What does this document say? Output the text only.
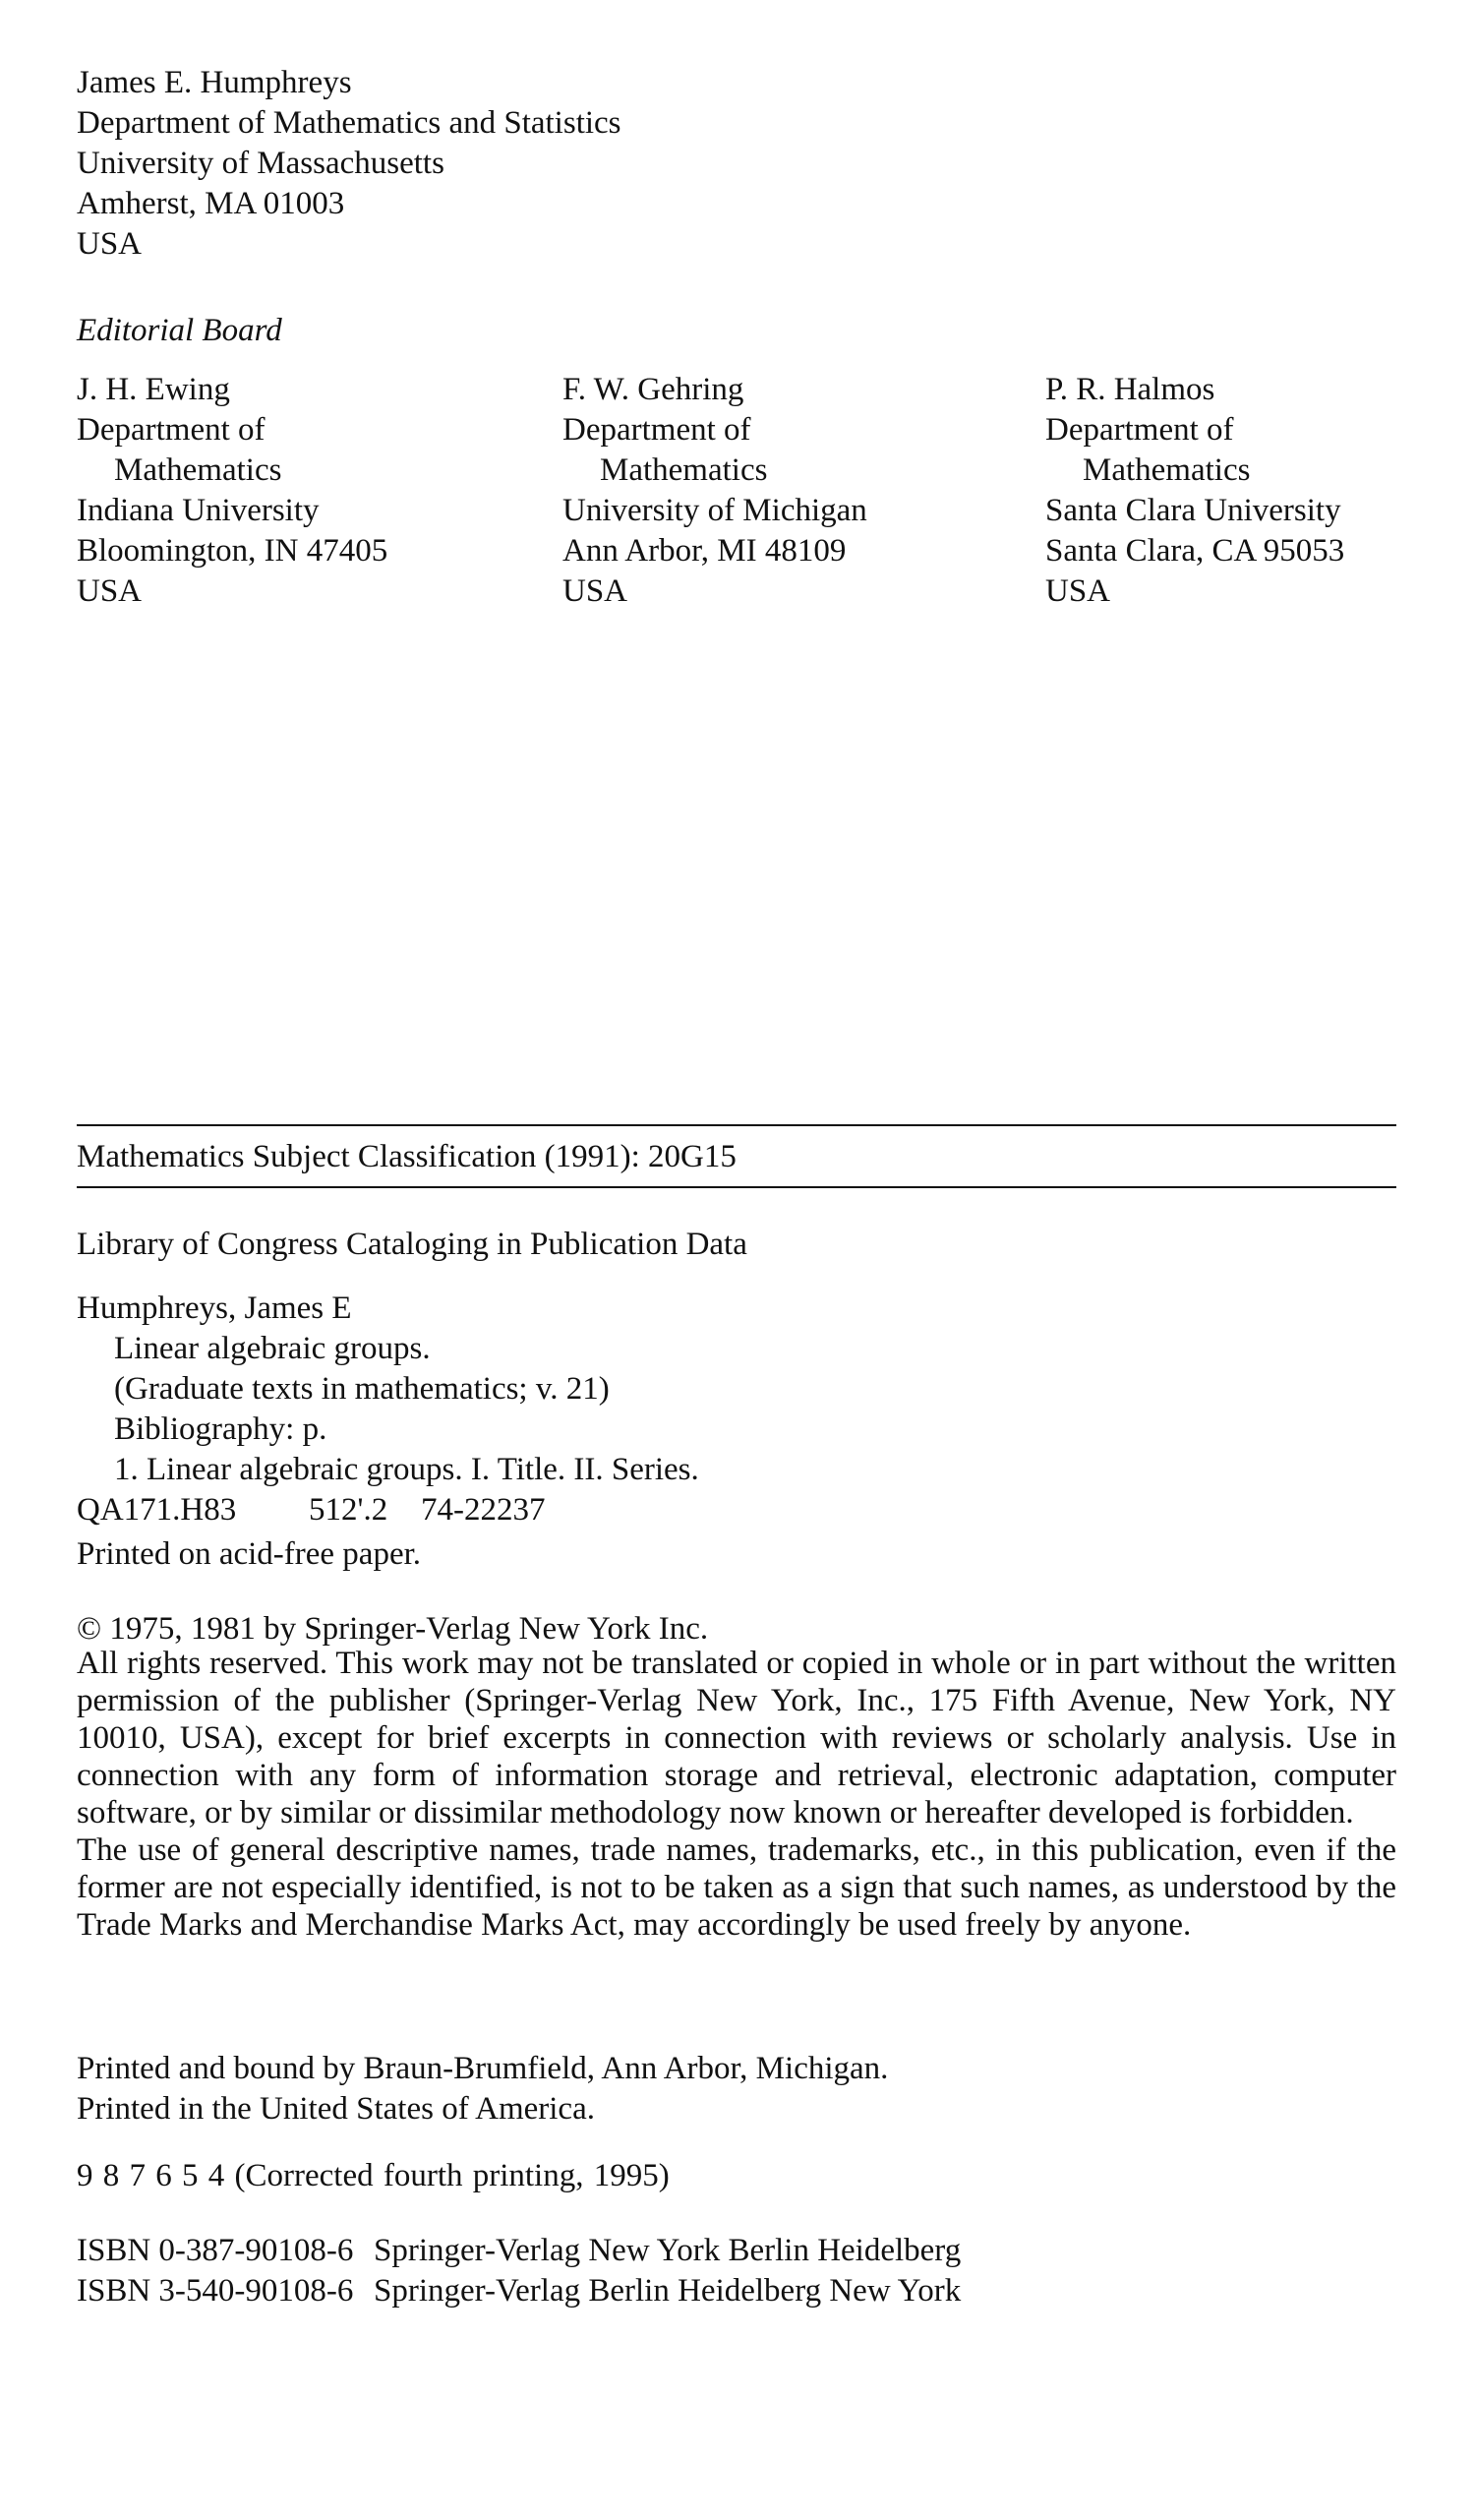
James E. Humphreys
Department of Mathematics and Statistics
University of Massachusetts
Amherst, MA 01003
USA
Editorial Board
J. H. Ewing
Department of
Mathematics
Indiana University
Bloomington, IN 47405
USA
F. W. Gehring
Department of
Mathematics
University of Michigan
Ann Arbor, MI 48109
USA
P. R. Halmos
Department of
Mathematics
Santa Clara University
Santa Clara, CA 95053
USA
Mathematics Subject Classification (1991): 20G15
Library of Congress Cataloging in Publication Data
Humphreys, James E
Linear algebraic groups.
(Graduate texts in mathematics; v. 21)
Bibliography: p.
1. Linear algebraic groups. I. Title. II. Series.
QA171.H83 512'.2 74-22237
Printed on acid-free paper.
© 1975, 1981 by Springer-Verlag New York Inc.

All rights reserved. This work may not be translated or copied in whole or in part without the written permission of the publisher (Springer-Verlag New York, Inc., 175 Fifth Avenue, New York, NY 10010, USA), except for brief excerpts in connection with reviews or scholarly analysis. Use in connection with any form of information storage and retrieval, electronic adaptation, computer software, or by similar or dissimilar methodology now known or hereafter developed is forbidden.

The use of general descriptive names, trade names, trademarks, etc., in this publication, even if the former are not especially identified, is not to be taken as a sign that such names, as understood by the Trade Marks and Merchandise Marks Act, may accordingly be used freely by anyone.

Printed and bound by Braun-Brumfield, Ann Arbor, Michigan.
Printed in the United States of America.
9 8 7 6 5 4 (Corrected fourth printing, 1995)
ISBN 0-387-90108-6 Springer-Verlag New York Berlin Heidelberg
ISBN 3-540-90108-6 Springer-Verlag Berlin Heidelberg New York
